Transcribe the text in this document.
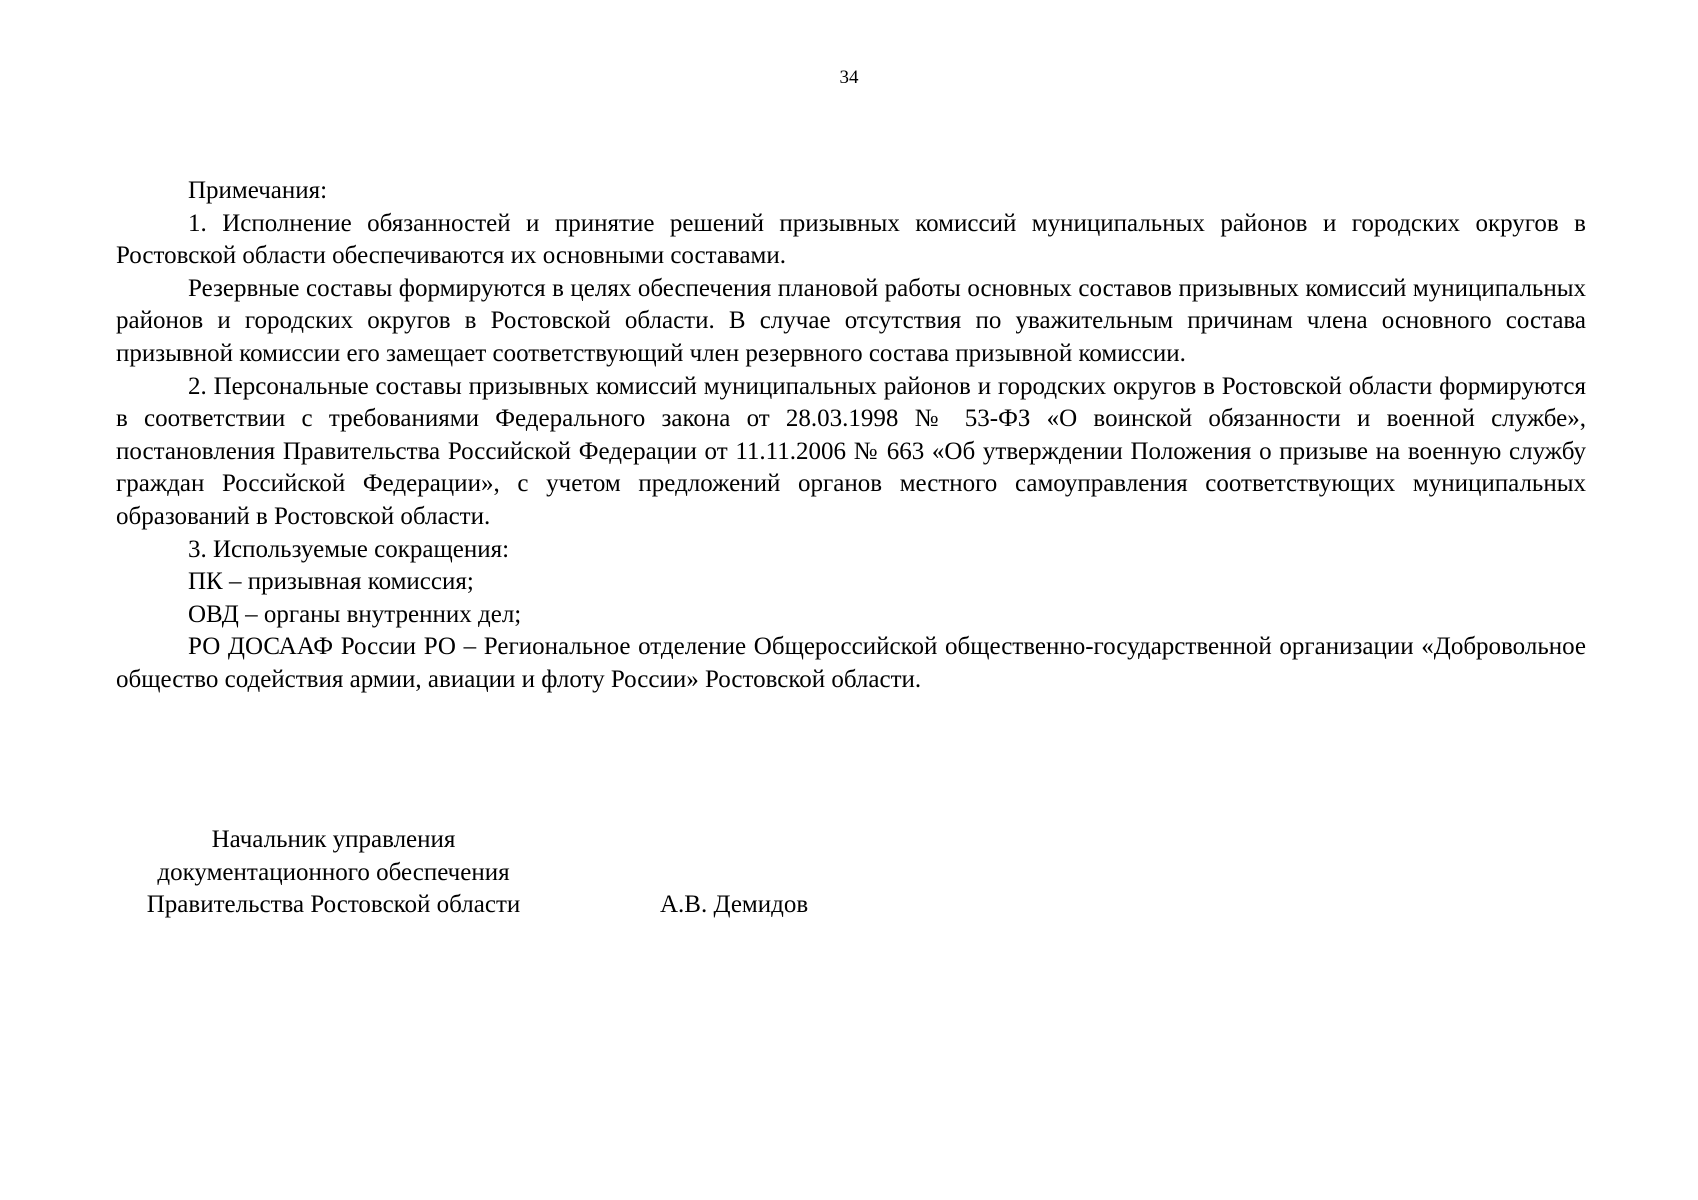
34

Примечания:

1. Исполнение обязанностей и принятие решений призывных комиссий муниципальных районов и городских округов в Ростовской области обеспечиваются их основными составами.

Резервные составы формируются в целях обеспечения плановой работы основных составов призывных комиссий муниципальных районов и городских округов в Ростовской области. В случае отсутствия по уважительным причинам члена основного состава призывной комиссии его замещает соответствующий член резервного состава призывной комиссии.

2. Персональные составы призывных комиссий муниципальных районов и городских округов в Ростовской области формируются в соответствии с требованиями Федерального закона от 28.03.1998 № 53-ФЗ «О воинской обязанности и военной службе», постановления Правительства Российской Федерации от 11.11.2006 № 663 «Об утверждении Положения о призыве на военную службу граждан Российской Федерации», с учетом предложений органов местного самоуправления соответствующих муниципальных образований в Ростовской области.

3. Используемые сокращения:

ПК – призывная комиссия;

ОВД – органы внутренних дел;

РО ДОСААФ России РО – Региональное отделение Общероссийской общественно-государственной организации «Добровольное общество содействия армии, авиации и флоту России» Ростовской области.

Начальник управления
документационного обеспечения
Правительства Ростовской области	А.В. Демидов
